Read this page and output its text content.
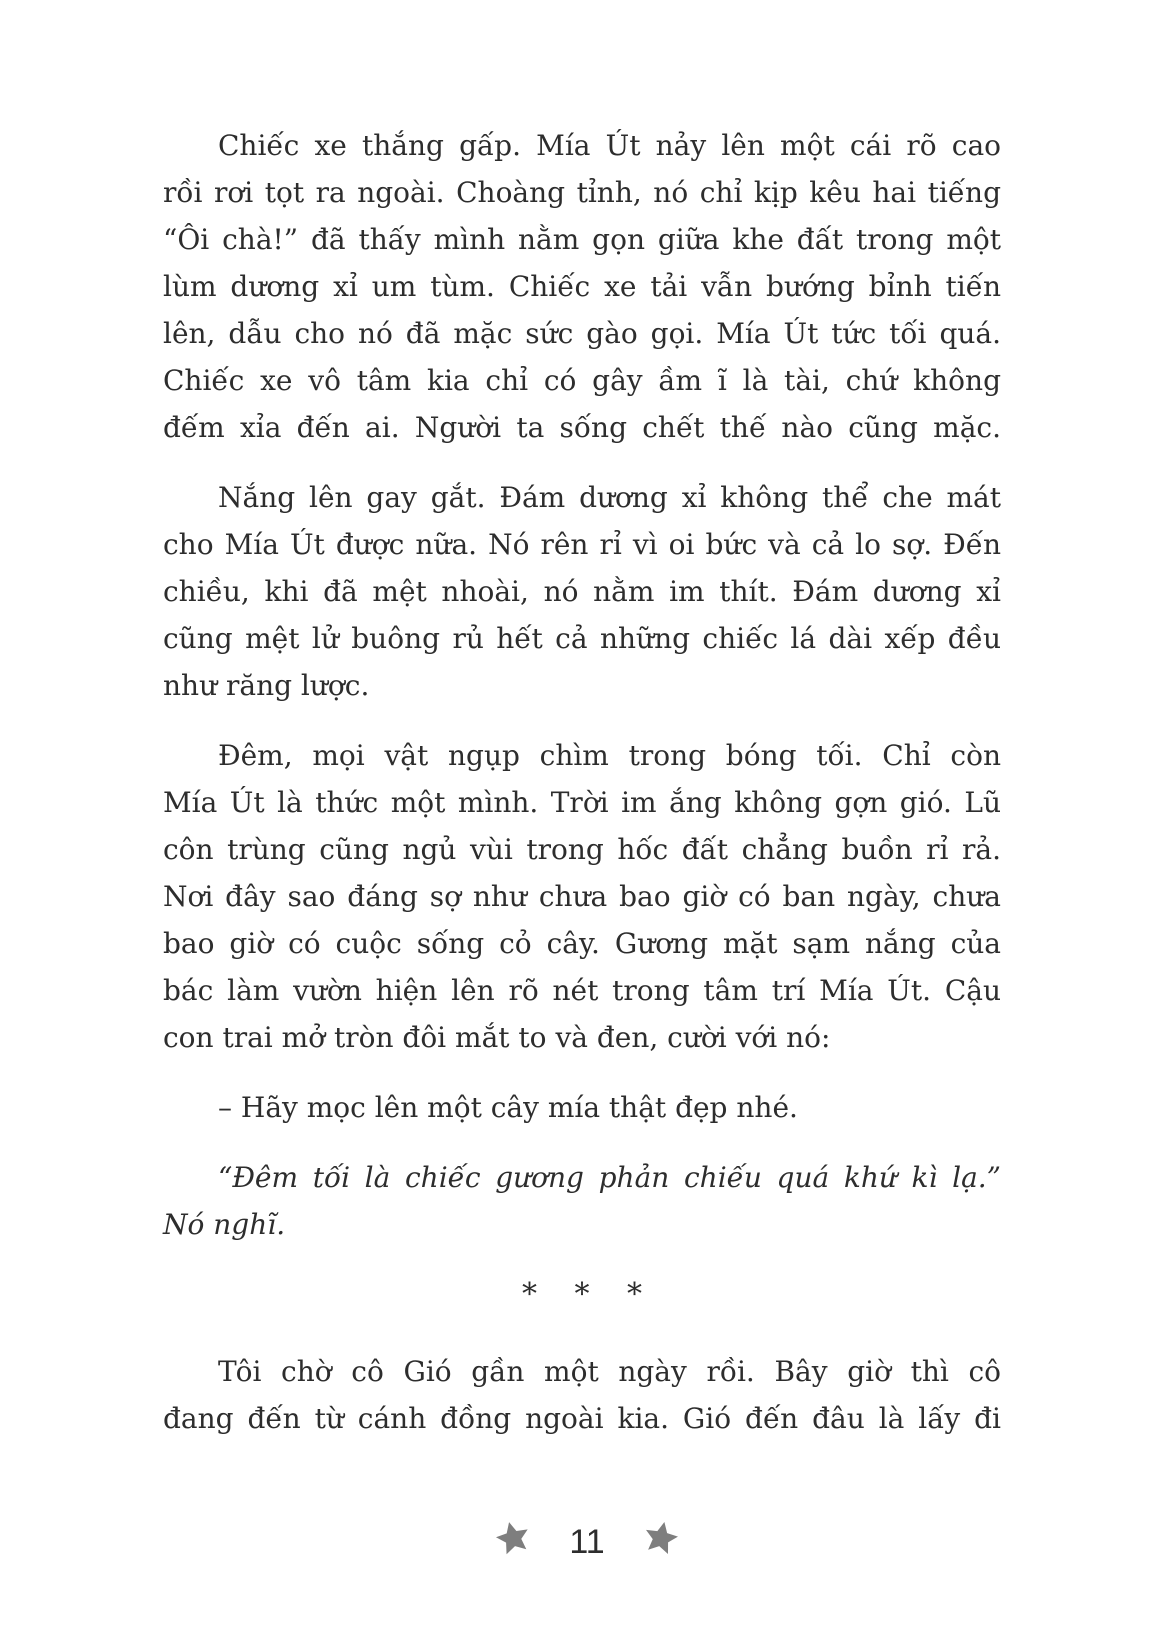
Chiếc xe thắng gấp. Mía Út nảy lên một cái rõ cao
rồi rơi tọt ra ngoài. Choàng tỉnh, nó chỉ kịp kêu hai tiếng
“Ôi chà!” đã thấy mình nằm gọn giữa khe đất trong một
lùm dương xỉ um tùm. Chiếc xe tải vẫn bướng bỉnh tiến
lên, dẫu cho nó đã mặc sức gào gọi. Mía Út tức tối quá.
Chiếc xe vô tâm kia chỉ có gây ầm ĩ là tài, chứ không
đếm xỉa đến ai. Người ta sống chết thế nào cũng mặc.

Nắng lên gay gắt. Đám dương xỉ không thể che mát
cho Mía Út được nữa. Nó rên rỉ vì oi bức và cả lo sợ. Đến
chiều, khi đã mệt nhoài, nó nằm im thít. Đám dương xỉ
cũng mệt lử buông rủ hết cả những chiếc lá dài xếp đều
như răng lược.

Đêm, mọi vật ngụp chìm trong bóng tối. Chỉ còn
Mía Út là thức một mình. Trời im ắng không gợn gió. Lũ
côn trùng cũng ngủ vùi trong hốc đất chẳng buồn rỉ rả.
Nơi đây sao đáng sợ như chưa bao giờ có ban ngày, chưa
bao giờ có cuộc sống cỏ cây. Gương mặt sạm nắng của
bác làm vườn hiện lên rõ nét trong tâm trí Mía Út. Cậu
con trai mở tròn đôi mắt to và đen, cười với nó:

– Hãy mọc lên một cây mía thật đẹp nhé.

“Đêm tối là chiếc gương phản chiếu quá khứ kì lạ.”
Nó nghĩ.

* * *

Tôi chờ cô Gió gần một ngày rồi. Bây giờ thì cô
đang đến từ cánh đồng ngoài kia. Gió đến đâu là lấy đi

11
